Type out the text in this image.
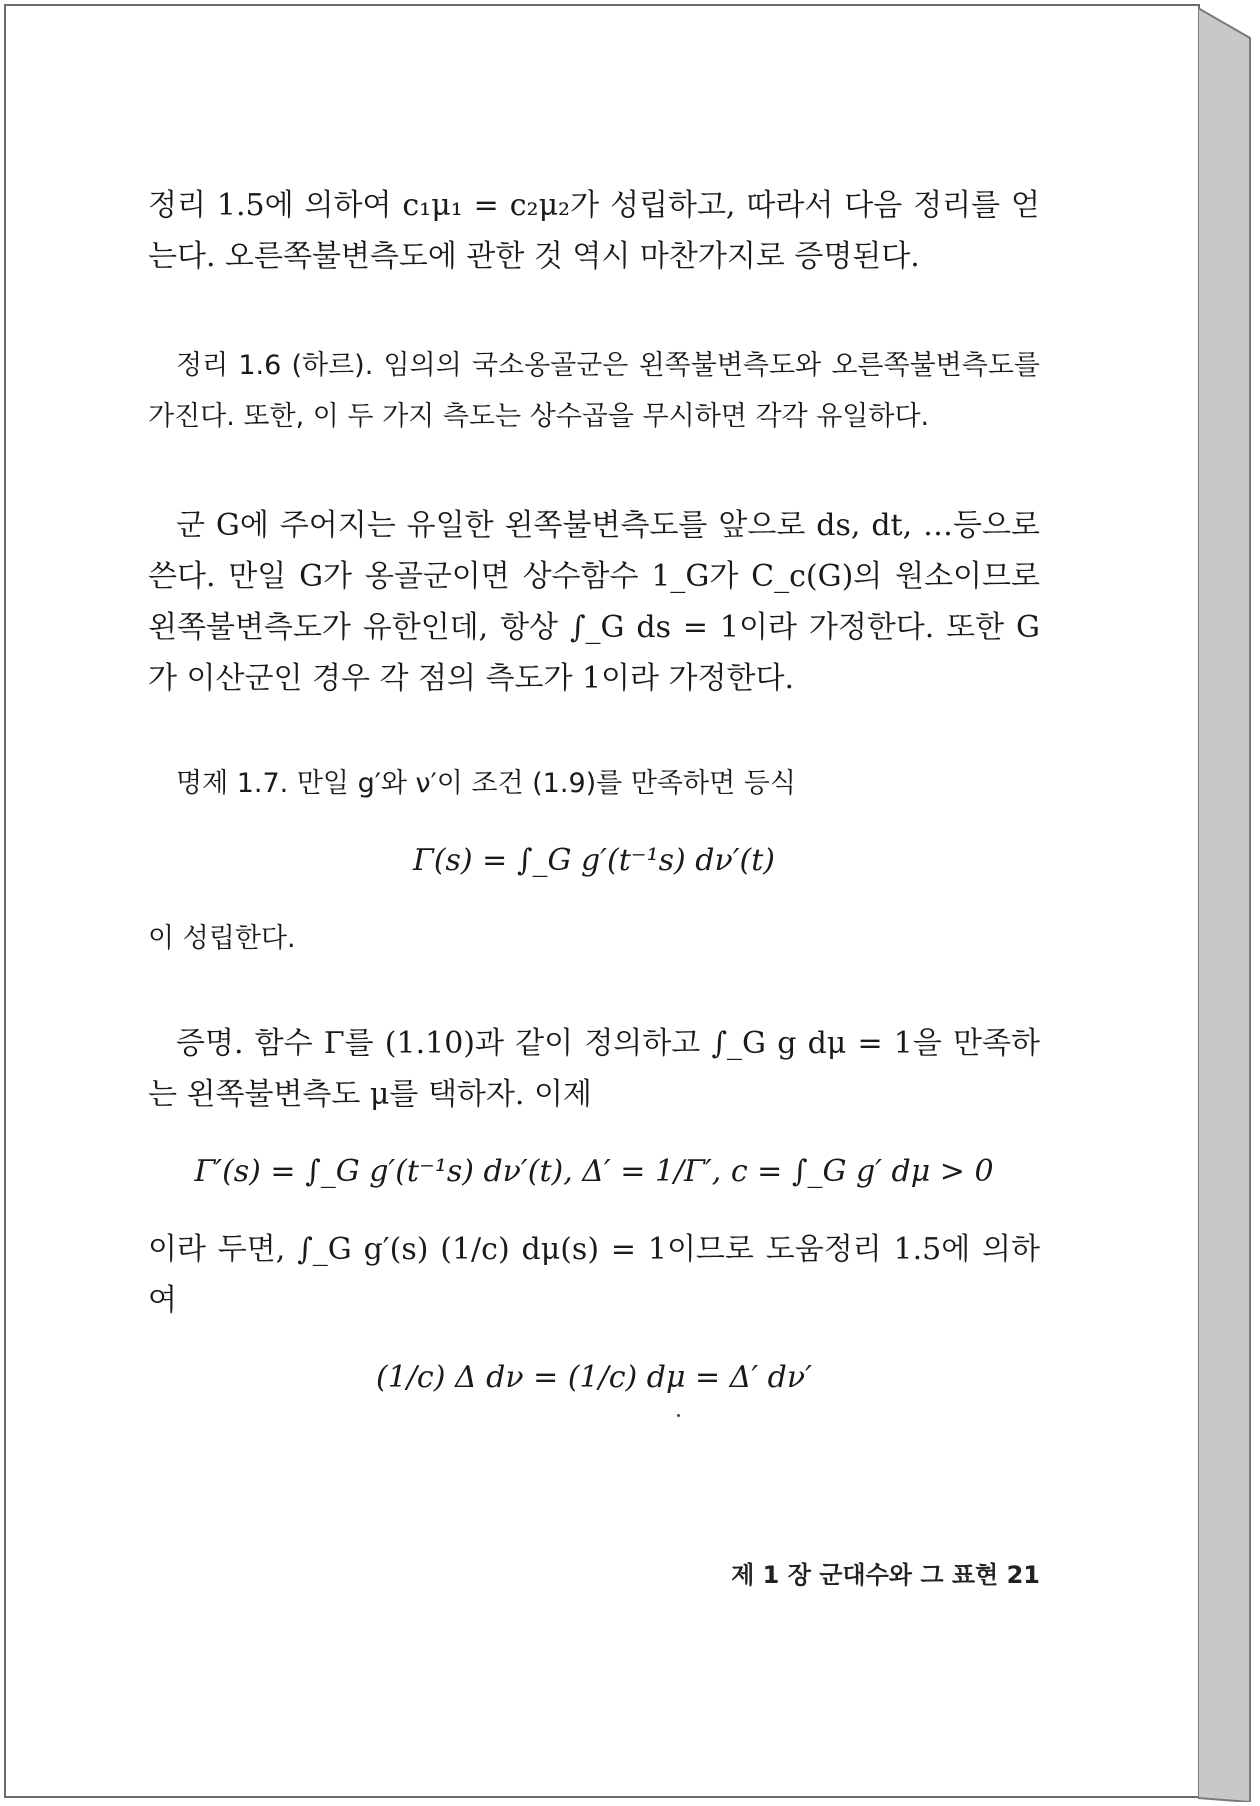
정리 1.5에 의하여 c₁μ₁ = c₂μ₂가 성립하고, 따라서 다음 정리를 얻는다. 오른쪽불변측도에 관한 것 역시 마찬가지로 증명된다.

정리 1.6 (하르). 임의의 국소옹골군은 왼쪽불변측도와 오른쪽불변측도를 가진다. 또한, 이 두 가지 측도는 상수곱을 무시하면 각각 유일하다.

군 G에 주어지는 유일한 왼쪽불변측도를 앞으로 ds, dt, …등으로 쓴다. 만일 G가 옹골군이면 상수함수 1_G가 C_c(G)의 원소이므로 왼쪽불변측도가 유한인데, 항상 ∫_G ds = 1이라 가정한다. 또한 G가 이산군인 경우 각 점의 측도가 1이라 가정한다.

명제 1.7. 만일 g′와 ν′이 조건 (1.9)를 만족하면 등식

Γ(s) = ∫_G g′(t⁻¹s) dν′(t)

이 성립한다.

증명. 함수 Γ를 (1.10)과 같이 정의하고 ∫_G g dμ = 1을 만족하는 왼쪽불변측도 μ를 택하자. 이제

Γ′(s) = ∫_G g′(t⁻¹s) dν′(t), Δ′ = 1/Γ′, c = ∫_G g′ dμ > 0

이라 두면, ∫_G g′(s) (1/c) dμ(s) = 1이므로 도움정리 1.5에 의하여

(1/c) Δ dν = (1/c) dμ = Δ′ dν′
제 1 장 군대수와 그 표현 21
